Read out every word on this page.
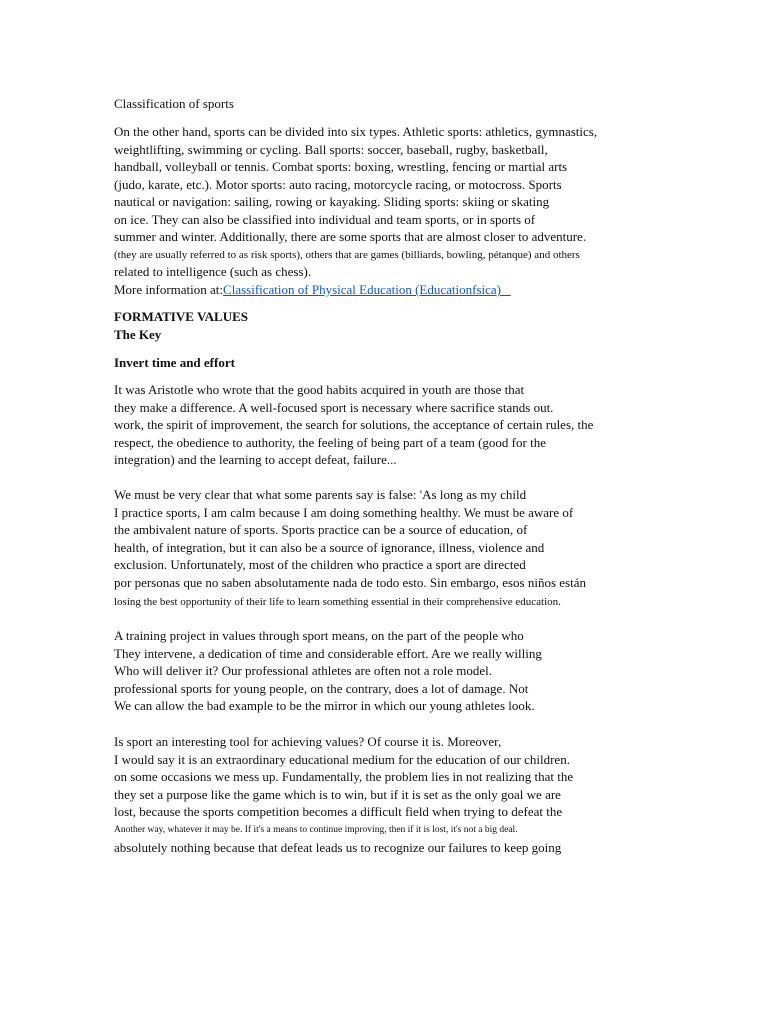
Classification of sports
On the other hand, sports can be divided into six types. Athletic sports: athletics, gymnastics,
weightlifting, swimming or cycling. Ball sports: soccer, baseball, rugby, basketball,
handball, volleyball or tennis. Combat sports: boxing, wrestling, fencing or martial arts
(judo, karate, etc.). Motor sports: auto racing, motorcycle racing, or motocross. Sports
nautical or navigation: sailing, rowing or kayaking. Sliding sports: skiing or skating
on ice. They can also be classified into individual and team sports, or in sports of
summer and winter. Additionally, there are some sports that are almost closer to adventure.
(they are usually referred to as risk sports), others that are games (billiards, bowling, pétanque) and others
related to intelligence (such as chess).
More information at:Classification of Physical Education (Educationfsica)
FORMATIVE VALUES
The Key
Invert time and effort
It was Aristotle who wrote that the good habits acquired in youth are those that
they make a difference. A well-focused sport is necessary where sacrifice stands out.
work, the spirit of improvement, the search for solutions, the acceptance of certain rules, the
respect, the obedience to authority, the feeling of being part of a team (good for the
integration) and the learning to accept defeat, failure...
We must be very clear that what some parents say is false: 'As long as my child
I practice sports, I am calm because I am doing something healthy. We must be aware of
the ambivalent nature of sports. Sports practice can be a source of education, of
health, of integration, but it can also be a source of ignorance, illness, violence and
exclusion. Unfortunately, most of the children who practice a sport are directed
por personas que no saben absolutamente nada de todo esto. Sin embargo, esos niños están
losing the best opportunity of their life to learn something essential in their comprehensive education.
A training project in values through sport means, on the part of the people who
They intervene, a dedication of time and considerable effort. Are we really willing
Who will deliver it? Our professional athletes are often not a role model.
professional sports for young people, on the contrary, does a lot of damage. Not
We can allow the bad example to be the mirror in which our young athletes look.
Is sport an interesting tool for achieving values? Of course it is. Moreover,
I would say it is an extraordinary educational medium for the education of our children.
on some occasions we mess up. Fundamentally, the problem lies in not realizing that the
they set a purpose like the game which is to win, but if it is set as the only goal we are
lost, because the sports competition becomes a difficult field when trying to defeat the
Another way, whatever it may be. If it's a means to continue improving, then if it is lost, it's not a big deal.
absolutely nothing because that defeat leads us to recognize our failures to keep going
